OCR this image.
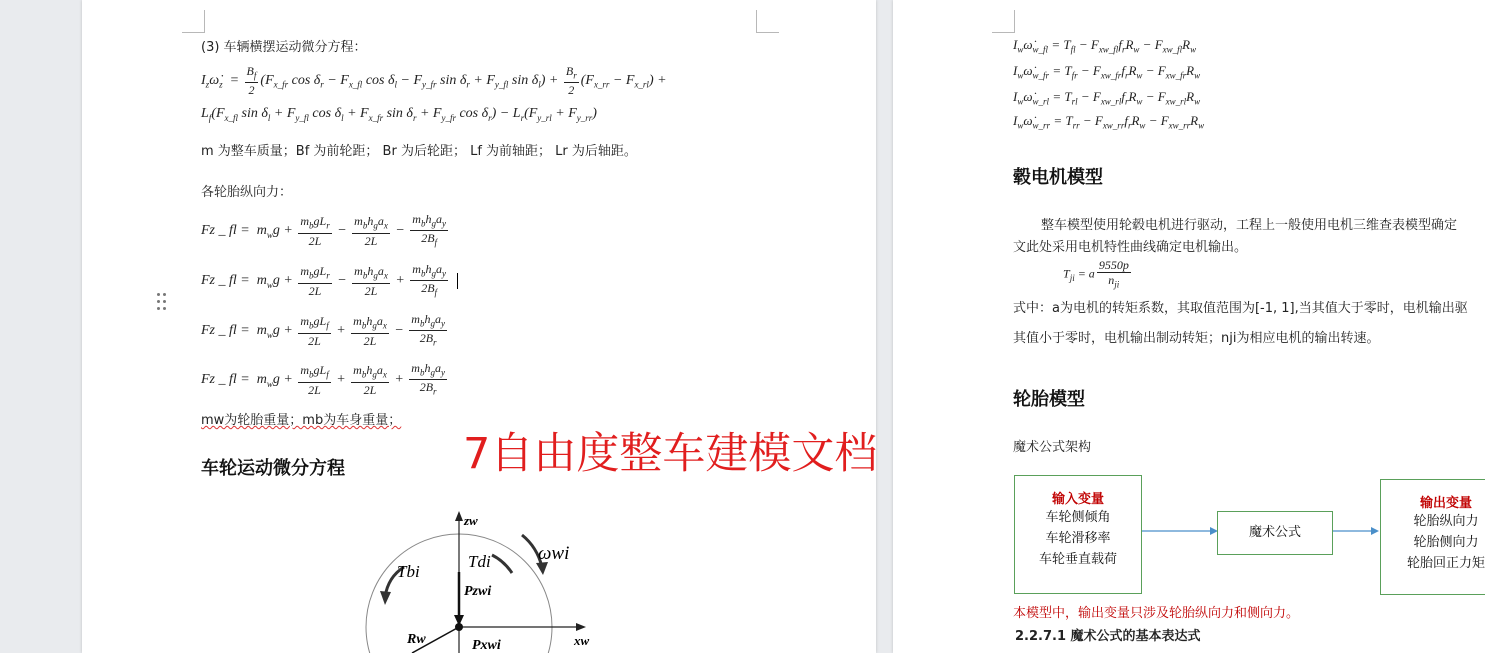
(3) 车辆横摆运动微分方程：
$I_z\omegȧ_z = \frac{B_f}{2} (F_{x\_fr}$ $\cos \delta_r - F_{x\_fl}$ $\cos \delta_l - F_{y\_fr}$ $\sin \delta_r + F_{y\_fl}$ $\sin \delta_l) + \frac{B_r}{2} (F_{x\_rr} - F_{x\_rl})$ +
$L_f(F_{x\_fl}$ $\sin \delta_l + F_{y\_fl}$ $\cos \delta_l + F_{x\_fr}$ $\sin \delta_r + F_{y\_fr}$ $\cos \delta_r) - L_r(F_{y\_rl} + F_{y\_rr})$
m 为整车质量；Bf 为前轮距； Br 为后轮距； Lf 为前轴距； Lr 为后轴距。
各轮胎纵向力：
Fz _ fl =  $m_wg + \frac{m_bgL_r}{2L} - \frac{m_bh_ga_x}{2L} - \frac{m_bh_ga_y}{2B_f}$
Fz _ fl =  $m_wg + \frac{m_bgL_r}{2L} - \frac{m_bh_ga_x}{2L} + \frac{m_bh_ga_y}{2B_f}$

Fz _ fl =  $m_wg + \frac{m_bgL_f}{2L} + \frac{m_bh_ga_x}{2L} - \frac{m_bh_ga_y}{2B_r}$
Fz _ fl =  $m_wg + \frac{m_bgL_f}{2L} + \frac{m_bh_ga_x}{2L} + \frac{m_bh_ga_y}{2B_r}$
mw为轮胎重量；mb为车身重量；
车轮运动微分方程
zw
xw
Tbi
Tdi ωwi
Pzwi
Pxwi
Rw
7自由度整车建模文档
$I_w\omegȧ_{w\_fl} = T_{fl} - F_{xw\_fl}f_rR_w - F_{xw\_fl}R_w$
$I_w\omegȧ_{w\_fr} = T_{fr} - F_{xw\_fr}f_rR_w - F_{xw\_fr}R_w$
$I_w\omegȧ_{w\_rl} = T_{rl} - F_{xw\_rl}f_rR_w - F_{xw\_rl}R_w$
$I_w\omegȧ_{w\_rr} = T_{rr} - F_{xw\_rr}f_rR_w - F_{xw\_rr}R_w$
毂电机模型
整车模型使用轮毂电机进行驱动，工程上一般使用电机三维查表模型确定
文此处采用电机特性曲线确定电机输出。
$T_{ji} = a \frac{9550p}{n_{ji}}$
式中：a为电机的转矩系数，其取值范围为[-1, 1],当其值大于零时，电机输出驱
其值小于零时，电机输出制动转矩；nji为相应电机的输出转速。
轮胎模型
魔术公式架构
输入变量
车轮侧倾角
车轮滑移率
车轮垂直载荷
魔术公式
输出变量
轮胎纵向力
轮胎侧向力
轮胎回正力矩
本模型中，输出变量只涉及轮胎纵向力和侧向力。
2.2.7.1 魔术公式的基本表达式
